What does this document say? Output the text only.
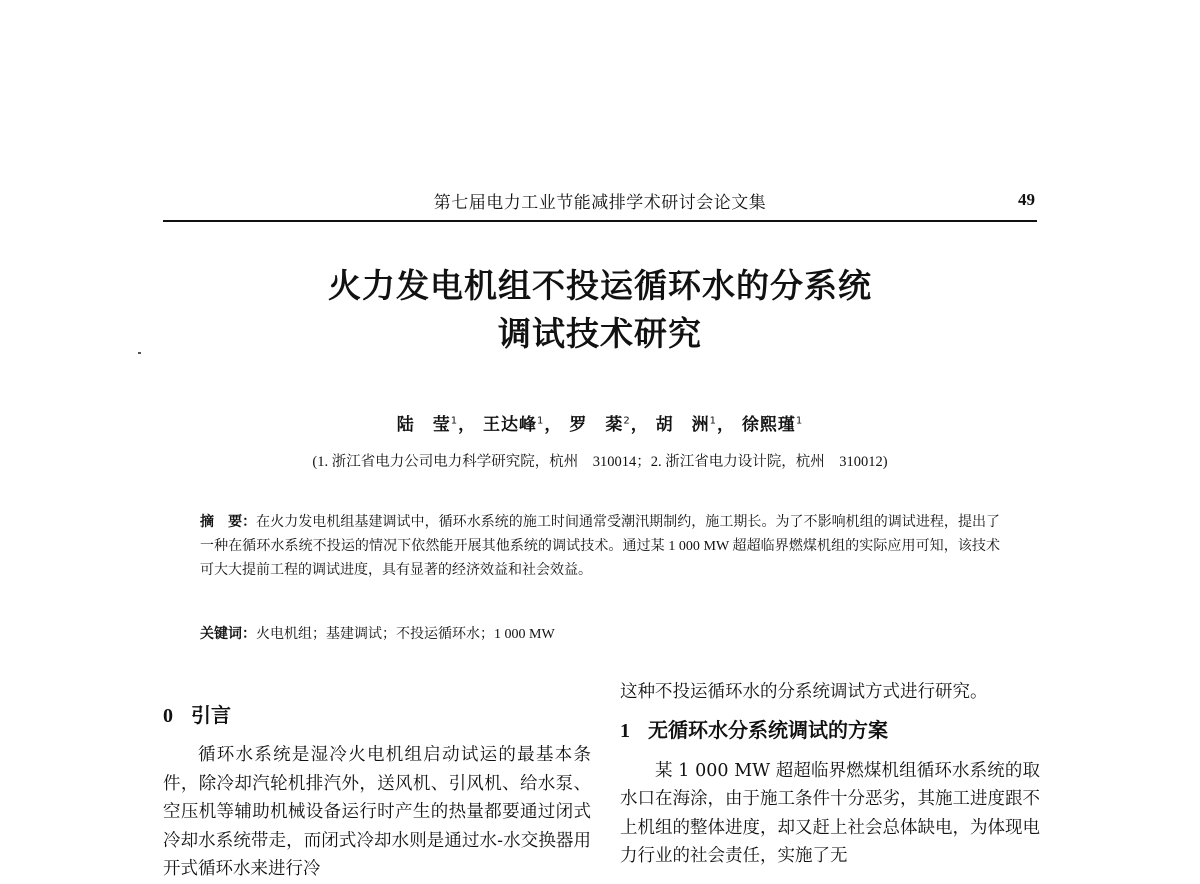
第七届电力工业节能减排学术研讨会论文集	49
火力发电机组不投运循环水的分系统
调试技术研究
陆　莹$^1$， 王达峰$^1$， 罗　棻$^2$， 胡　洲$^1$， 徐熙瑾$^1$
(1. 浙江省电力公司电力科学研究院，杭州　310014；2. 浙江省电力设计院，杭州　310012)
摘　要：在火力发电机组基建调试中，循环水系统的施工时间通常受潮汛期制约，施工期长。为了不影响机组的调试进程，提出了一种在循环水系统不投运的情况下依然能开展其他系统的调试技术。通过某 1 000 MW 超超临界燃煤机组的实际应用可知，该技术可大大提前工程的调试进度，具有显著的经济效益和社会效益。
关键词：火电机组；基建调试；不投运循环水；1 000 MW
0 引言

循环水系统是湿冷火电机组启动试运的最基本条件，除冷却汽轮机排汽外，送风机、引风机、给水泵、空压机等辅助机械设备运行时产生的热量都要通过闭式冷却水系统带走，而闭式冷却水则是通过水-水交换器用开式循环水来进行冷

这种不投运循环水的分系统调试方式进行研究。

1 无循环水分系统调试的方案

某 1 000 MW 超超临界燃煤机组循环水系统的取水口在海涂，由于施工条件十分恶劣，其施工进度跟不上机组的整体进度，却又赶上社会总体缺电，为体现电力行业的社会责任，实施了无
